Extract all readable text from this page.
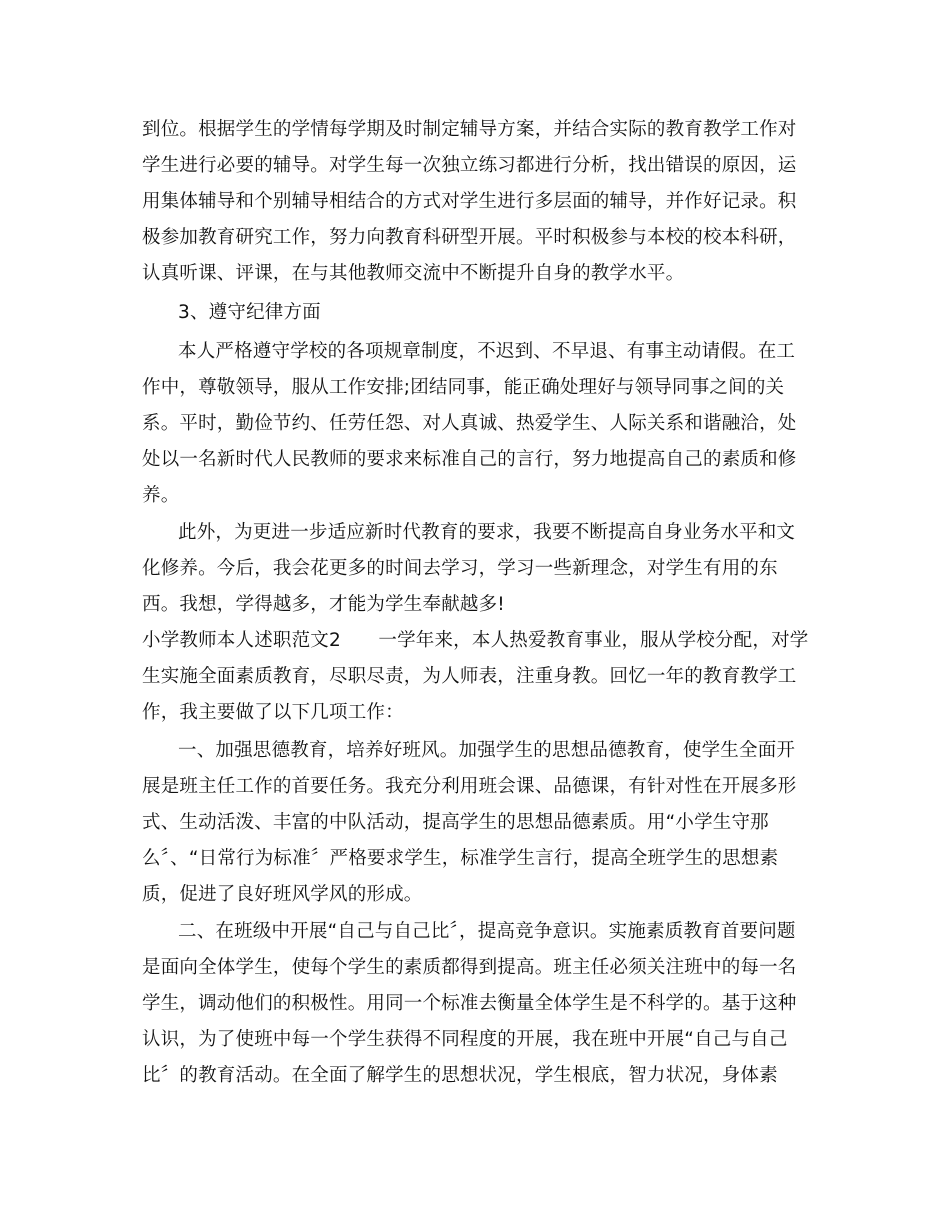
到位。根据学生的学情每学期及时制定辅导方案，并结合实际的教育教学工作对
学生进行必要的辅导。对学生每一次独立练习都进行分析，找出错误的原因，运
用集体辅导和个别辅导相结合的方式对学生进行多层面的辅导，并作好记录。积
极参加教育研究工作，努力向教育科研型开展。平时积极参与本校的校本科研，
认真听课、评课，在与其他教师交流中不断提升自身的教学水平。
3、遵守纪律方面
本人严格遵守学校的各项规章制度，不迟到、不早退、有事主动请假。在工
作中，尊敬领导，服从工作安排;团结同事，能正确处理好与领导同事之间的关
系。平时，勤俭节约、任劳任怨、对人真诚、热爱学生、人际关系和谐融洽，处
处以一名新时代人民教师的要求来标准自己的言行，努力地提高自己的素质和修
养。
此外，为更进一步适应新时代教育的要求，我要不断提高自身业务水平和文
化修养。今后，我会花更多的时间去学习，学习一些新理念，对学生有用的东
西。我想，学得越多，才能为学生奉献越多!
小学教师本人述职范文2　　一学年来，本人热爱教育事业，服从学校分配，对学
生实施全面素质教育，尽职尽责，为人师表，注重身教。回忆一年的教育教学工
作，我主要做了以下几项工作：
一、加强思德教育，培养好班风。加强学生的思想品德教育，使学生全面开
展是班主任工作的首要任务。我充分利用班会课、品德课，有针对性在开展多形
式、生动活泼、丰富的中队活动，提高学生的思想品德素质。用“小学生守那
么〞、“日常行为标准〞严格要求学生，标准学生言行，提高全班学生的思想素
质，促进了良好班风学风的形成。
二、在班级中开展“自己与自己比〞，提高竞争意识。实施素质教育首要问题
是面向全体学生，使每个学生的素质都得到提高。班主任必须关注班中的每一名
学生，调动他们的积极性。用同一个标准去衡量全体学生是不科学的。基于这种
认识，为了使班中每一个学生获得不同程度的开展，我在班中开展“自己与自己
比〞的教育活动。在全面了解学生的思想状况，学生根底，智力状况，身体素
